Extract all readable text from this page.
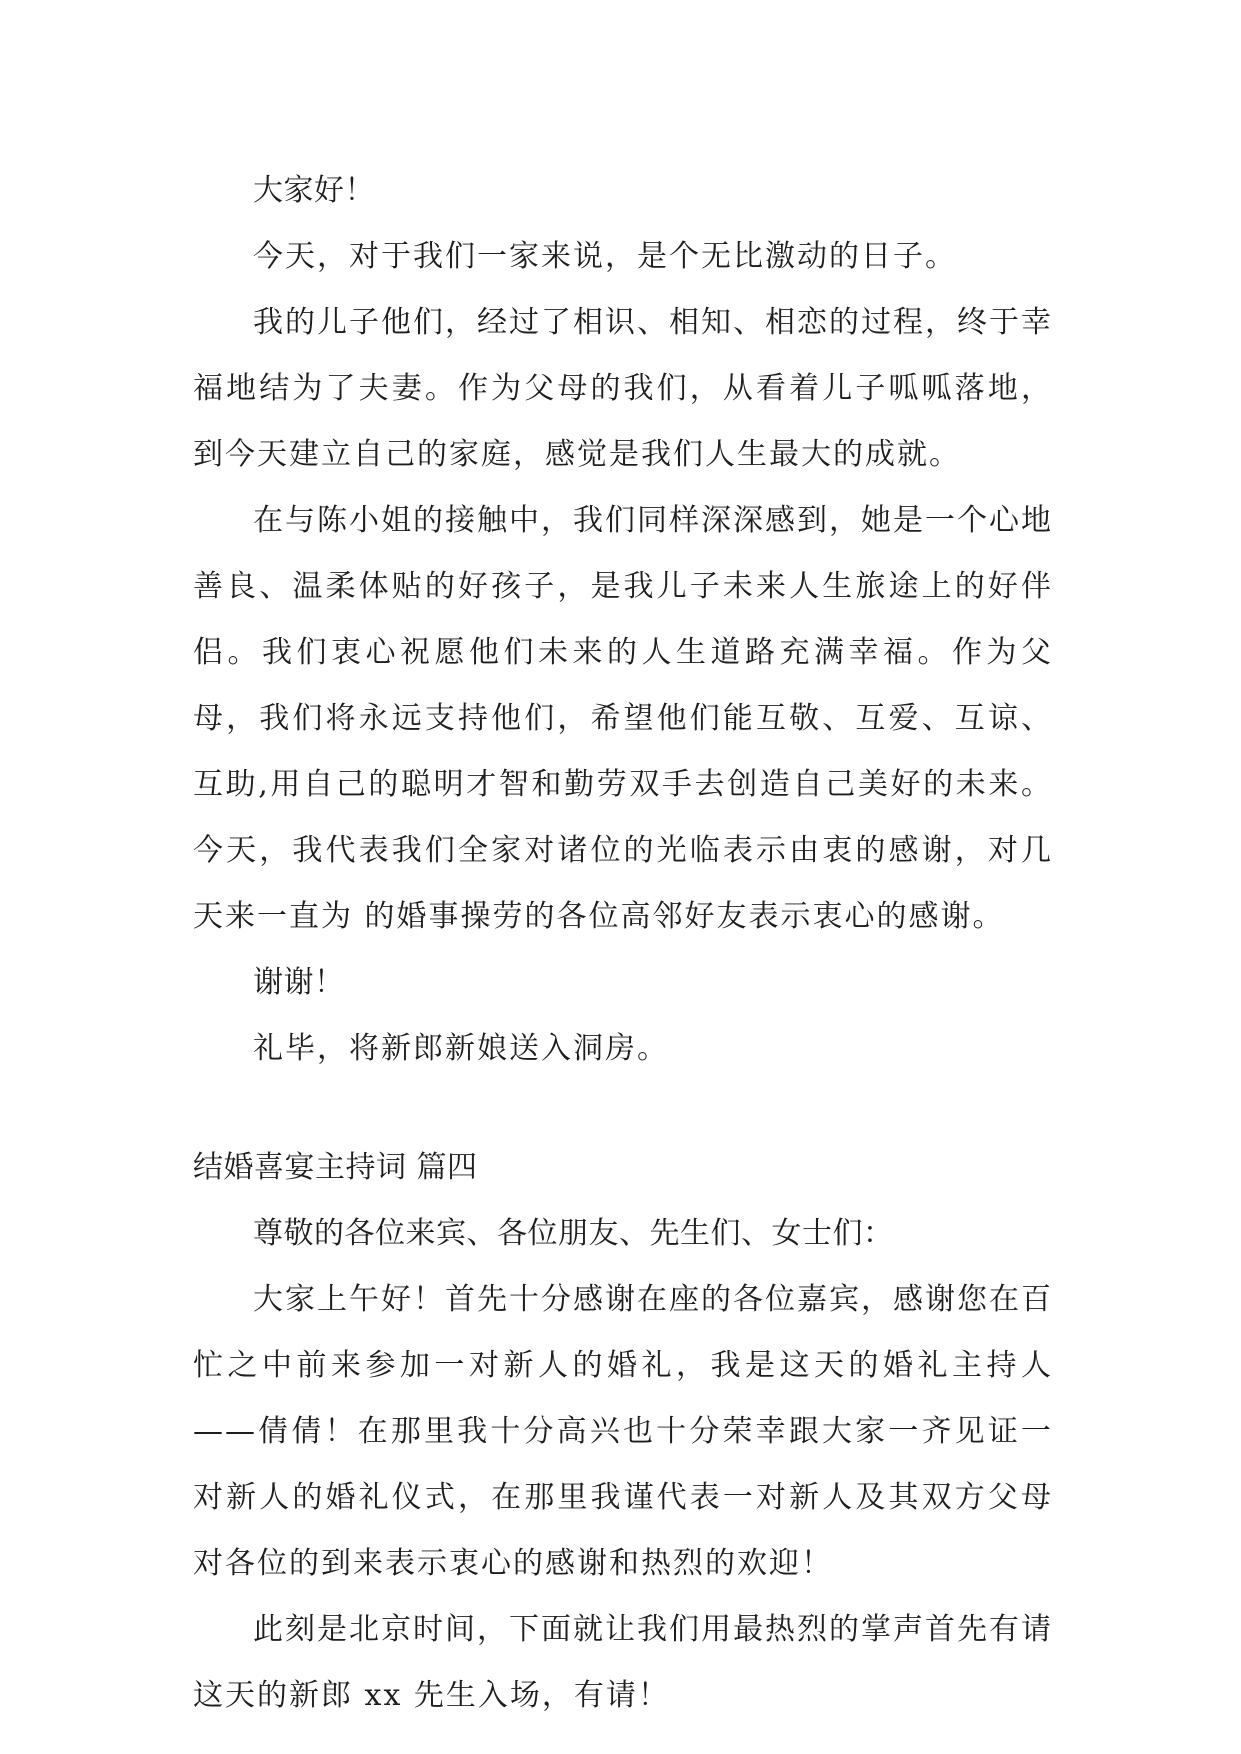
大家好！

今天，对于我们一家来说，是个无比激动的日子。

我的儿子他们，经过了相识、相知、相恋的过程，终于幸福地结为了夫妻。作为父母的我们，从看着儿子呱呱落地，到今天建立自己的家庭，感觉是我们人生最大的成就。

在与陈小姐的接触中，我们同样深深感到，她是一个心地善良、温柔体贴的好孩子，是我儿子未来人生旅途上的好伴侣。我们衷心祝愿他们未来的人生道路充满幸福。作为父母，我们将永远支持他们，希望他们能互敬、互爱、互谅、互助,用自己的聪明才智和勤劳双手去创造自己美好的未来。今天，我代表我们全家对诸位的光临表示由衷的感谢，对几天来一直为 的婚事操劳的各位高邻好友表示衷心的感谢。

谢谢！

礼毕，将新郎新娘送入洞房。

结婚喜宴主持词 篇四

尊敬的各位来宾、各位朋友、先生们、女士们：

大家上午好！首先十分感谢在座的各位嘉宾，感谢您在百忙之中前来参加一对新人的婚礼，我是这天的婚礼主持人——倩倩！在那里我十分高兴也十分荣幸跟大家一齐见证一对新人的婚礼仪式，在那里我谨代表一对新人及其双方父母对各位的到来表示衷心的感谢和热烈的欢迎！

此刻是北京时间，下面就让我们用最热烈的掌声首先有请这天的新郎 xx 先生入场，有请！
